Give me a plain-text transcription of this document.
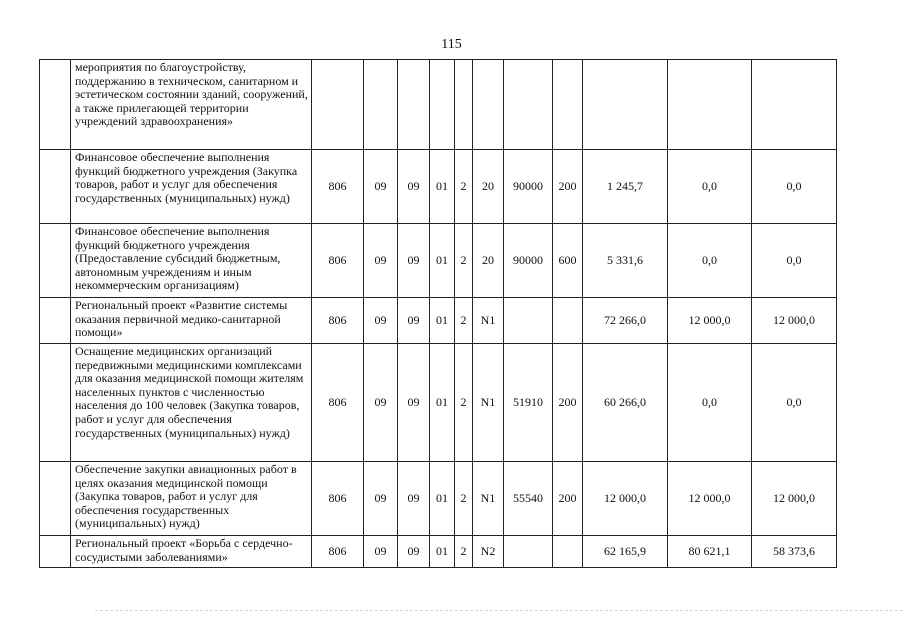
115
	мероприятия по благоустройству, поддержанию в техническом, санитарном и эстетическом состоянии зданий, сооружений, а также прилегающей территории учреждений здравоохранения»											
	Финансовое обеспечение выполнения функций бюджетного учреждения (Закупка товаров, работ и услуг для обеспечения государственных (муниципальных) нужд)	806	09	09	01	2	20	90000	200	1 245,7	0,0	0,0
	Финансовое обеспечение выполнения функций бюджетного учреждения (Предоставление субсидий бюджетным, автономным учреждениям и иным некоммерческим организациям)	806	09	09	01	2	20	90000	600	5 331,6	0,0	0,0
	Региональный проект «Развитие системы оказания первичной медико-санитарной помощи»	806	09	09	01	2	N1			72 266,0	12 000,0	12 000,0
	Оснащение медицинских организаций передвижными медицинскими комплексами для оказания медицинской помощи жителям населенных пунктов с численностью населения до 100 человек (Закупка товаров, работ и услуг для обеспечения государственных (муниципальных) нужд)	806	09	09	01	2	N1	51910	200	60 266,0	0,0	0,0
	Обеспечение закупки авиационных работ в целях оказания медицинской помощи (Закупка товаров, работ и услуг для обеспечения государственных (муниципальных) нужд)	806	09	09	01	2	N1	55540	200	12 000,0	12 000,0	12 000,0
	Региональный проект «Борьба с сердечно-сосудистыми заболеваниями»	806	09	09	01	2	N2			62 165,9	80 621,1	58 373,6
